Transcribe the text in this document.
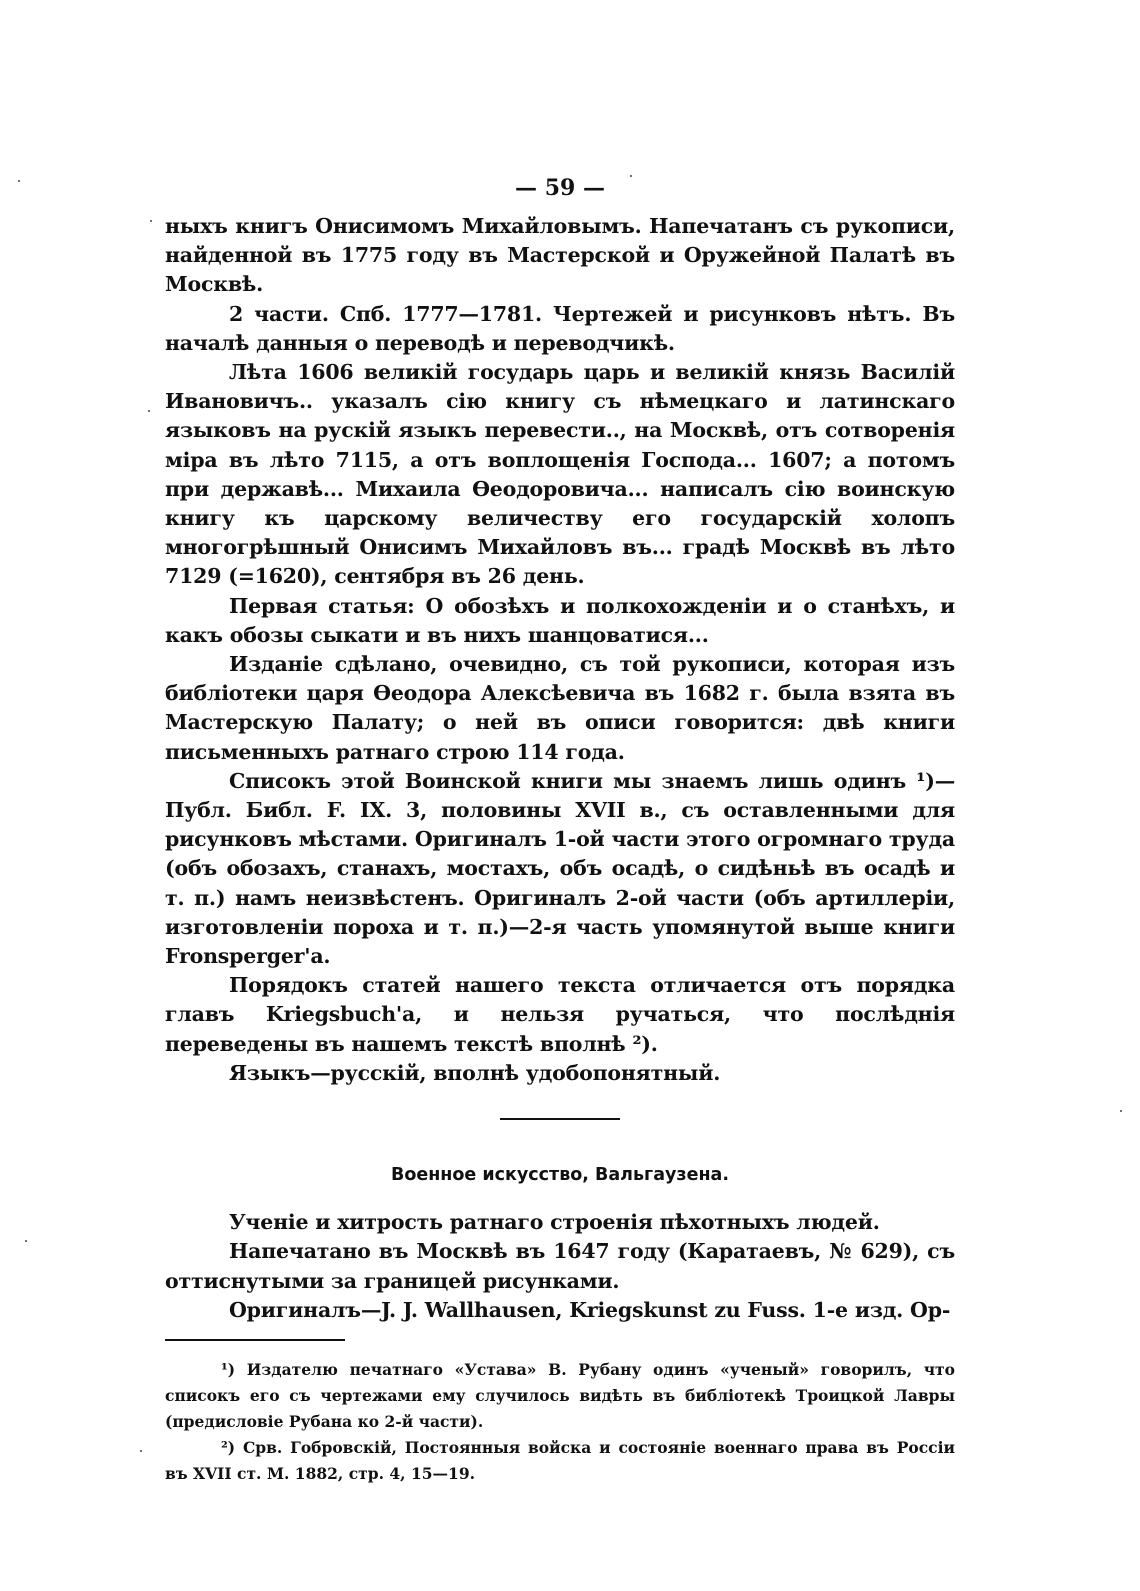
— 59 —

ныхъ книгъ Онисимомъ Михайловымъ. Напечатанъ съ рукописи, найденной въ 1775 году въ Мастерской и Оружейной Палатѣ въ Москвѣ.

2 части. Спб. 1777—1781. Чертежей и рисунковъ нѣтъ. Въ началѣ данныя о переводѣ и переводчикѣ.

Лѣта 1606 великій государь царь и великій князь Василій Ивановичъ.. указалъ сію книгу съ нѣмецкаго и латинскаго языковъ на рускій языкъ перевести.., на Москвѣ, отъ сотворенія міра въ лѣто 7115, а отъ воплощенія Господа... 1607; а потомъ при державѣ... Михаила Ѳеодоровича... написалъ сію воинскую книгу къ царскому величеству его государскій холопъ многогрѣшный Онисимъ Михайловъ въ... градѣ Москвѣ въ лѣто 7129 (=1620), сентября въ 26 день.

Первая статья: О обозѣхъ и полкохожденіи и о станѣхъ, и какъ обозы сыкати и въ нихъ шанцоватися...

Изданіе сдѣлано, очевидно, съ той рукописи, которая изъ библіотеки царя Ѳеодора Алексѣевича въ 1682 г. была взята въ Мастерскую Палату; о ней въ описи говорится: двѣ книги письменныхъ ратнаго строю 114 года.

Списокъ этой Воинской книги мы знаемъ лишь одинъ ¹)—Публ. Библ. F. IX. 3, половины XVII в., съ оставленными для рисунковъ мѣстами. Оригиналъ 1-ой части этого огромнаго труда (объ обозахъ, станахъ, мостахъ, объ осадѣ, о сидѣньѣ въ осадѣ и т. п.) намъ неизвѣстенъ. Оригиналъ 2-ой части (объ артиллеріи, изготовленіи пороха и т. п.)—2-я часть упомянутой выше книги Fronsperger'а.

Порядокъ статей нашего текста отличается отъ порядка главъ Kriegsbuch'а, и нельзя ручаться, что послѣднія переведены въ нашемъ текстѣ вполнѣ ²).

Языкъ—русскій, вполнѣ удобопонятный.

Военное искусство, Вальгаузена.

Ученіе и хитрость ратнаго строенія пѣхотныхъ людей.

Напечатано въ Москвѣ въ 1647 году (Каратаевъ, № 629), съ оттиснутыми за границей рисунками.

Оригиналъ—J. J. Wallhausen, Kriegskunst zu Fuss. 1-е изд. Ор-

¹) Издателю печатнаго «Устава» В. Рубану одинъ «ученый» говорилъ, что списокъ его съ чертежами ему случилось видѣть въ библіотекѣ Троицкой Лавры (предисловіе Рубана ко 2-й части).

²) Срв. Гобровскій, Постоянныя войска и состояніе военнаго права въ Россіи въ XVII ст. М. 1882, стр. 4, 15—19.
